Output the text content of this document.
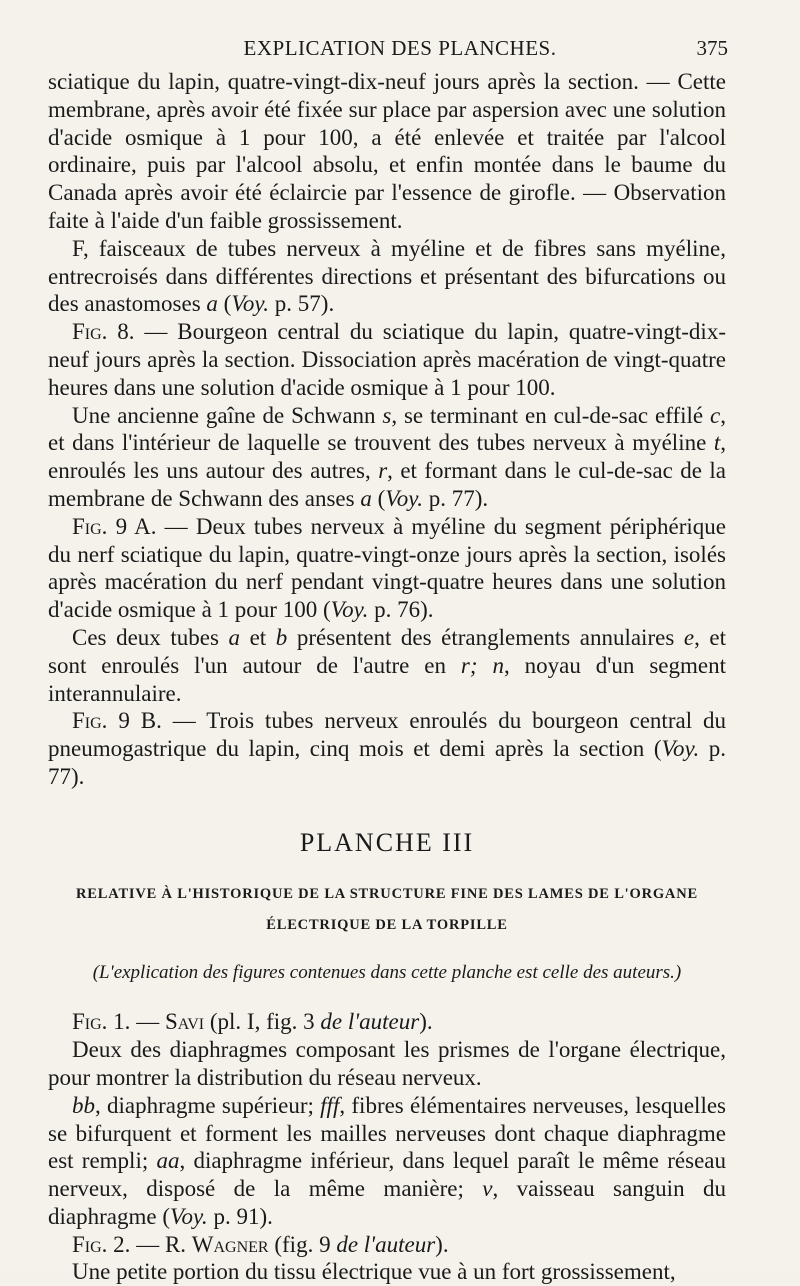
EXPLICATION DES PLANCHES.	375

sciatique du lapin, quatre-vingt-dix-neuf jours après la section. — Cette membrane, après avoir été fixée sur place par aspersion avec une solution d'acide osmique à 1 pour 100, a été enlevée et traitée par l'alcool ordinaire, puis par l'alcool absolu, et enfin montée dans le baume du Canada après avoir été éclaircie par l'essence de girofle. — Observation faite à l'aide d'un faible grossissement.

F, faisceaux de tubes nerveux à myéline et de fibres sans myéline, entrecroisés dans différentes directions et présentant des bifurcations ou des anastomoses a (Voy. p. 57).

Fig. 8. — Bourgeon central du sciatique du lapin, quatre-vingt-dix-neuf jours après la section. Dissociation après macération de vingt-quatre heures dans une solution d'acide osmique à 1 pour 100.

Une ancienne gaîne de Schwann s, se terminant en cul-de-sac effilé c, et dans l'intérieur de laquelle se trouvent des tubes nerveux à myéline t, enroulés les uns autour des autres, r, et formant dans le cul-de-sac de la membrane de Schwann des anses a (Voy. p. 77).

Fig. 9 A. — Deux tubes nerveux à myéline du segment périphérique du nerf sciatique du lapin, quatre-vingt-onze jours après la section, isolés après macération du nerf pendant vingt-quatre heures dans une solution d'acide osmique à 1 pour 100 (Voy. p. 76).

Ces deux tubes a et b présentent des étranglements annulaires e, et sont enroulés l'un autour de l'autre en r; n, noyau d'un segment interannulaire.

Fig. 9 B. — Trois tubes nerveux enroulés du bourgeon central du pneumogastrique du lapin, cinq mois et demi après la section (Voy. p. 77).

PLANCHE III
RELATIVE À L'HISTORIQUE DE LA STRUCTURE FINE DES LAMES DE L'ORGANE
ÉLECTRIQUE DE LA TORPILLE
(L'explication des figures contenues dans cette planche est celle des auteurs.)

Fig. 1. — Savi (pl. I, fig. 3 de l'auteur).

Deux des diaphragmes composant les prismes de l'organe électrique, pour montrer la distribution du réseau nerveux.

bb, diaphragme supérieur; fff, fibres élémentaires nerveuses, lesquelles se bifurquent et forment les mailles nerveuses dont chaque diaphragme est rempli; aa, diaphragme inférieur, dans lequel paraît le même réseau nerveux, disposé de la même manière; v, vaisseau sanguin du diaphragme (Voy. p. 91).

Fig. 2. — R. Wagner (fig. 9 de l'auteur).

Une petite portion du tissu électrique vue à un fort grossissement,
